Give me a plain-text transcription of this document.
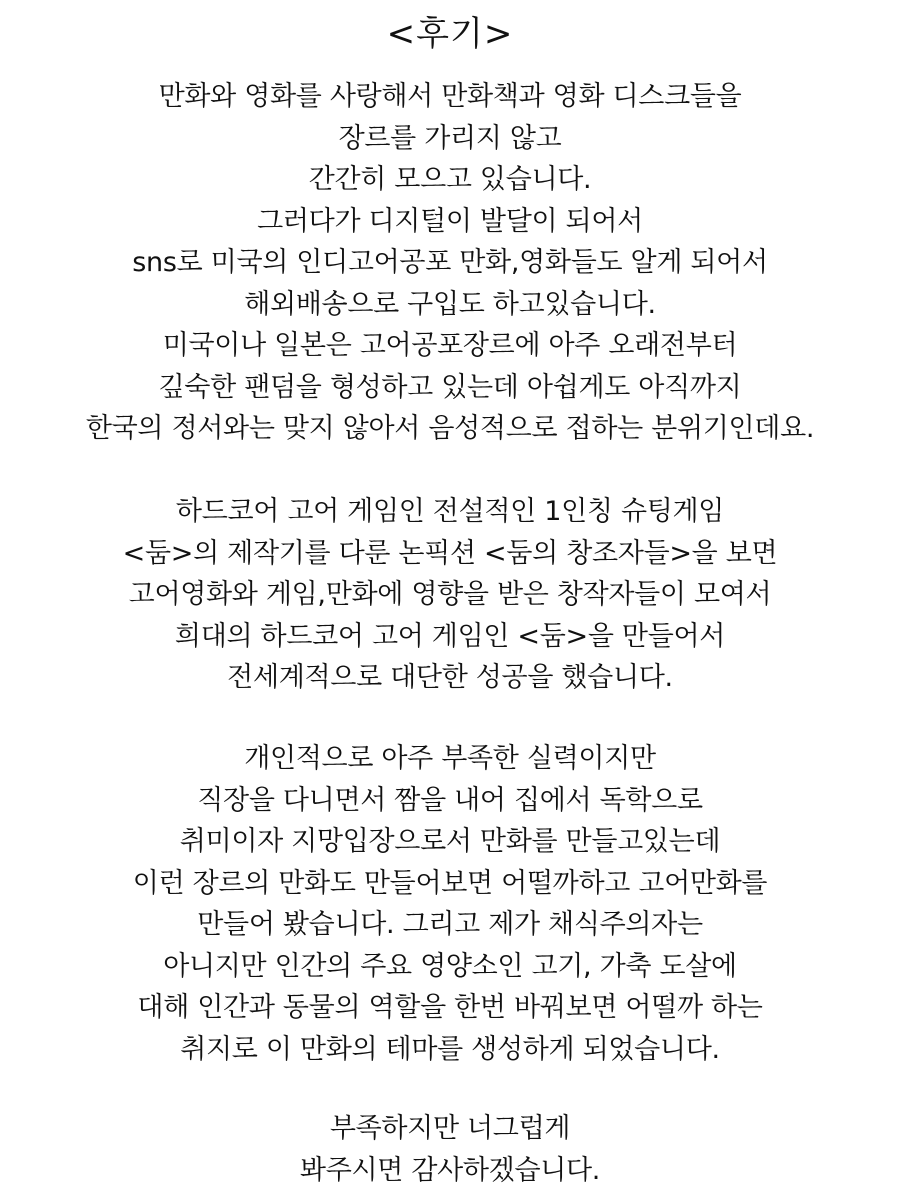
<후기>
만화와 영화를 사랑해서 만화책과 영화 디스크들을
장르를 가리지 않고
간간히 모으고 있습니다.
그러다가 디지털이 발달이 되어서
sns로 미국의 인디고어공포 만화,영화들도 알게 되어서
해외배송으로 구입도 하고있습니다.
미국이나 일본은 고어공포장르에 아주 오래전부터
깊숙한 팬덤을 형성하고 있는데 아쉽게도 아직까지
한국의 정서와는 맞지 않아서 음성적으로 접하는 분위기인데요.
하드코어 고어 게임인 전설적인 1인칭 슈팅게임
<둠>의 제작기를 다룬 논픽션 <둠의 창조자들>을 보면
고어영화와 게임,만화에 영향을 받은 창작자들이 모여서
희대의 하드코어 고어 게임인 <둠>을 만들어서
전세계적으로 대단한 성공을 했습니다.
개인적으로 아주 부족한 실력이지만
직장을 다니면서 짬을 내어 집에서 독학으로
취미이자 지망입장으로서 만화를 만들고있는데
이런 장르의 만화도 만들어보면 어떨까하고 고어만화를
만들어 봤습니다. 그리고 제가 채식주의자는
아니지만 인간의 주요 영양소인 고기, 가축 도살에
대해 인간과 동물의 역할을 한번 바꿔보면 어떨까 하는
취지로 이 만화의 테마를 생성하게 되었습니다.
부족하지만 너그럽게
봐주시면 감사하겠습니다.
